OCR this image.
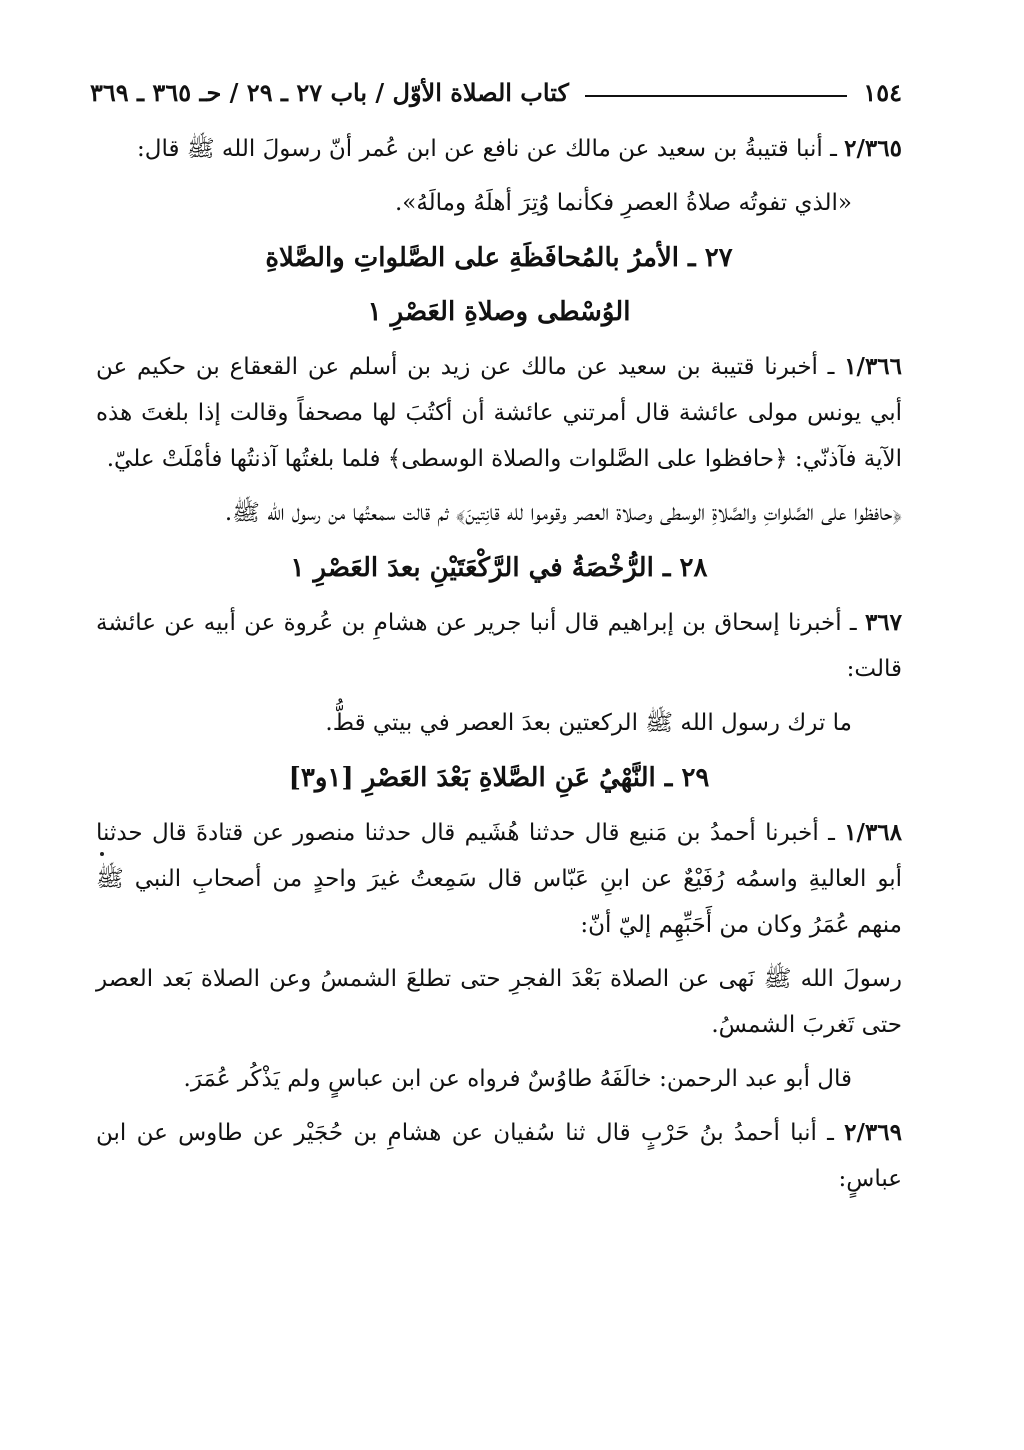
١٥٤
كتاب الصلاة الأوّل / باب ٢٧ ـ ٢٩ / حـ ٣٦٥ ـ ٣٦٩

٢/٣٦٥ ـ أنبا قتيبةُ بن سعيد عن مالك عن نافع عن ابن عُمر أنّ رسولَ الله ﷺ قال:

«الذي تفوتُه صلاةُ العصرِ فكأنما وُتِرَ أهلَهُ ومالَهُ».

٢٧ ـ الأمرُ بالمُحافَظَةِ على الصَّلواتِ والصَّلاةِ
الوُسْطى وصلاةِ العَصْرِ ١

١/٣٦٦ ـ أخبرنا قتيبة بن سعيد عن مالك عن زيد بن أسلم عن القعقاع بن حكيم عن أبي يونس مولى عائشة قال أمرتني عائشة أن أكتُبَ لها مصحفاً وقالت إذا بلغتَ هذه الآية فآذنّي: ﴿حافظوا على الصَّلوات والصلاة الوسطى﴾ فلما بلغتُها آذنتُها فأمْلَتْ عليّ.

﴿حافظوا على الصَّلواتِ والصَّلاةِ الوسطى وصلاة العصر وقوموا لله قانِتينَ﴾ ثم قالت سمعتُها من رسول الله ﷺ.

٢٨ ـ الرُّخْصَةُ في الرَّكْعَتَيْنِ بعدَ العَصْرِ ١

٣٦٧ ـ أخبرنا إسحاق بن إبراهيم قال أنبا جرير عن هشامِ بن عُروة عن أبيه عن عائشة قالت:

ما ترك رسول الله ﷺ الركعتين بعدَ العصر في بيتي قطُّ.

٢٩ ـ النَّهْيُ عَنِ الصَّلاةِ بَعْدَ العَصْرِ [١و٣]

١/٣٦٨ ـ أخبرنا أحمدُ بن مَنيع قال حدثنا هُشَيم قال حدثنا منصور عن قتادةَ قال حدثنا أبو العاليةِ واسمُه رُفَيْعٌ عن ابنِ عَبّاس قال سَمِعتُ غيرَ واحدٍ من أصحابِ النبي ﷺ منهم عُمَرُ وكان من أَحَبِّهِم إليّ أنّ:

رسولَ الله ﷺ نَهى عن الصلاة بَعْدَ الفجرِ حتى تطلعَ الشمسُ وعن الصلاة بَعد العصر حتى تَغربَ الشمسُ.

قال أبو عبد الرحمن: خالَفَهُ طاوُسٌ فرواه عن ابن عباسٍ ولم يَذْكُر عُمَرَ.

٢/٣٦٩ ـ أنبا أحمدُ بنُ حَرْبٍ قال ثنا سُفيان عن هشامِ بن حُجَيْر عن طاوس عن ابن عباسٍ:
